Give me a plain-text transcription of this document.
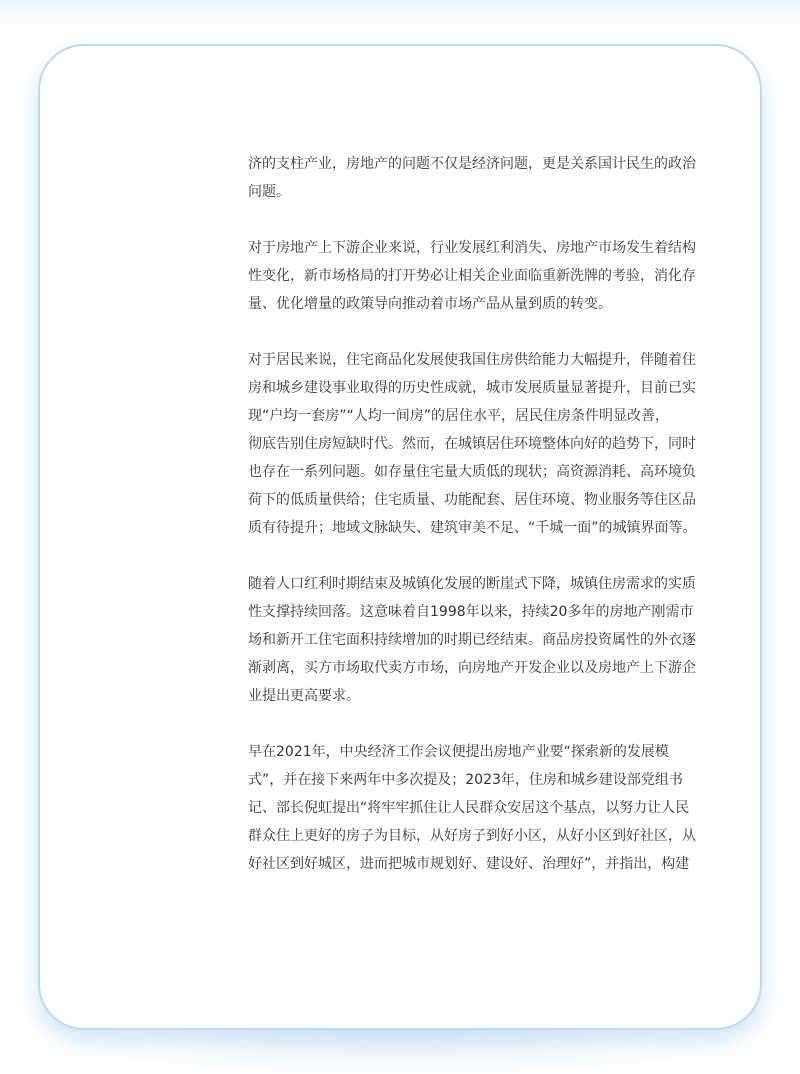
济的支柱产业，房地产的问题不仅是经济问题，更是关系国计民生的政治
问题。
对于房地产上下游企业来说，行业发展红利消失、房地产市场发生着结构
性变化，新市场格局的打开势必让相关企业面临重新洗牌的考验，消化存
量、优化增量的政策导向推动着市场产品从量到质的转变。
对于居民来说，住宅商品化发展使我国住房供给能力大幅提升，伴随着住
房和城乡建设事业取得的历史性成就，城市发展质量显著提升，目前已实
现“户均一套房”“人均一间房”的居住水平，居民住房条件明显改善，
彻底告别住房短缺时代。然而，在城镇居住环境整体向好的趋势下，同时
也存在一系列问题。如存量住宅量大质低的现状；高资源消耗、高环境负
荷下的低质量供给；住宅质量、功能配套、居住环境、物业服务等住区品
质有待提升；地域文脉缺失、建筑审美不足、“千城一面”的城镇界面等。
随着人口红利时期结束及城镇化发展的断崖式下降，城镇住房需求的实质
性支撑持续回落。这意味着自1998年以来，持续20多年的房地产刚需市
场和新开工住宅面积持续增加的时期已经结束。商品房投资属性的外衣逐
渐剥离，买方市场取代卖方市场，向房地产开发企业以及房地产上下游企
业提出更高要求。
早在2021年，中央经济工作会议便提出房地产业要“探索新的发展模
式”，并在接下来两年中多次提及；2023年，住房和城乡建设部党组书
记、部长倪虹提出“将牢牢抓住让人民群众安居这个基点，以努力让人民
群众住上更好的房子为目标，从好房子到好小区，从好小区到好社区，从
好社区到好城区，进而把城市规划好、建设好、治理好”，并指出，构建
